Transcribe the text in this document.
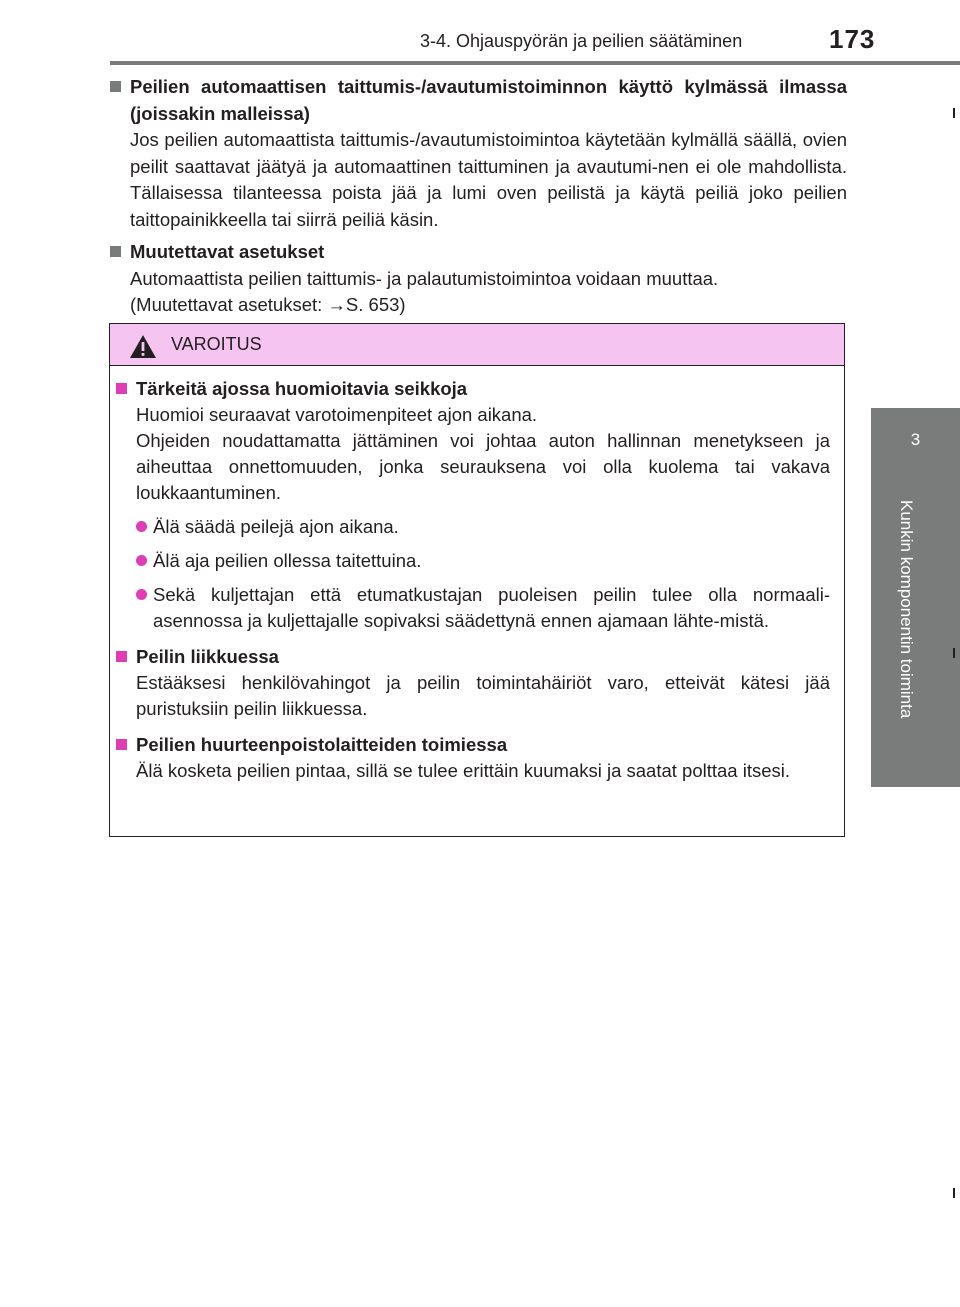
3-4. Ohjauspyörän ja peilien säätäminen	173
3
Kunkin komponentin toiminta
Peilien automaattisen taittumis-/avautumistoiminnon käyttö kylmässä ilmassa (joissakin malleissa)
Jos peilien automaattista taittumis-/avautumistoimintoa käytetään kylmällä säällä, ovien peilit saattavat jäätyä ja automaattinen taittuminen ja avautumi-nen ei ole mahdollista. Tällaisessa tilanteessa poista jää ja lumi oven peilistä ja käytä peiliä joko peilien taittopainikkeella tai siirrä peiliä käsin.
Muutettavat asetukset
Automaattista peilien taittumis- ja palautumistoimintoa voidaan muuttaa.
(Muutettavat asetukset: →S. 653)
VAROITUS
Tärkeitä ajossa huomioitavia seikkoja
Huomioi seuraavat varotoimenpiteet ajon aikana.
Ohjeiden noudattamatta jättäminen voi johtaa auton hallinnan menetykseen ja aiheuttaa onnettomuuden, jonka seurauksena voi olla kuolema tai vakava loukkaantuminen.
Älä säädä peilejä ajon aikana.
Älä aja peilien ollessa taitettuina.
Sekä kuljettajan että etumatkustajan puoleisen peilin tulee olla normaali-asennossa ja kuljettajalle sopivaksi säädettynä ennen ajamaan lähte-mistä.
Peilin liikkuessa
Estääksesi henkilövahingot ja peilin toimintahäiriöt varo, etteivät kätesi jää puristuksiin peilin liikkuessa.
Peilien huurteenpoistolaitteiden toimiessa
Älä kosketa peilien pintaa, sillä se tulee erittäin kuumaksi ja saatat polttaa itsesi.
